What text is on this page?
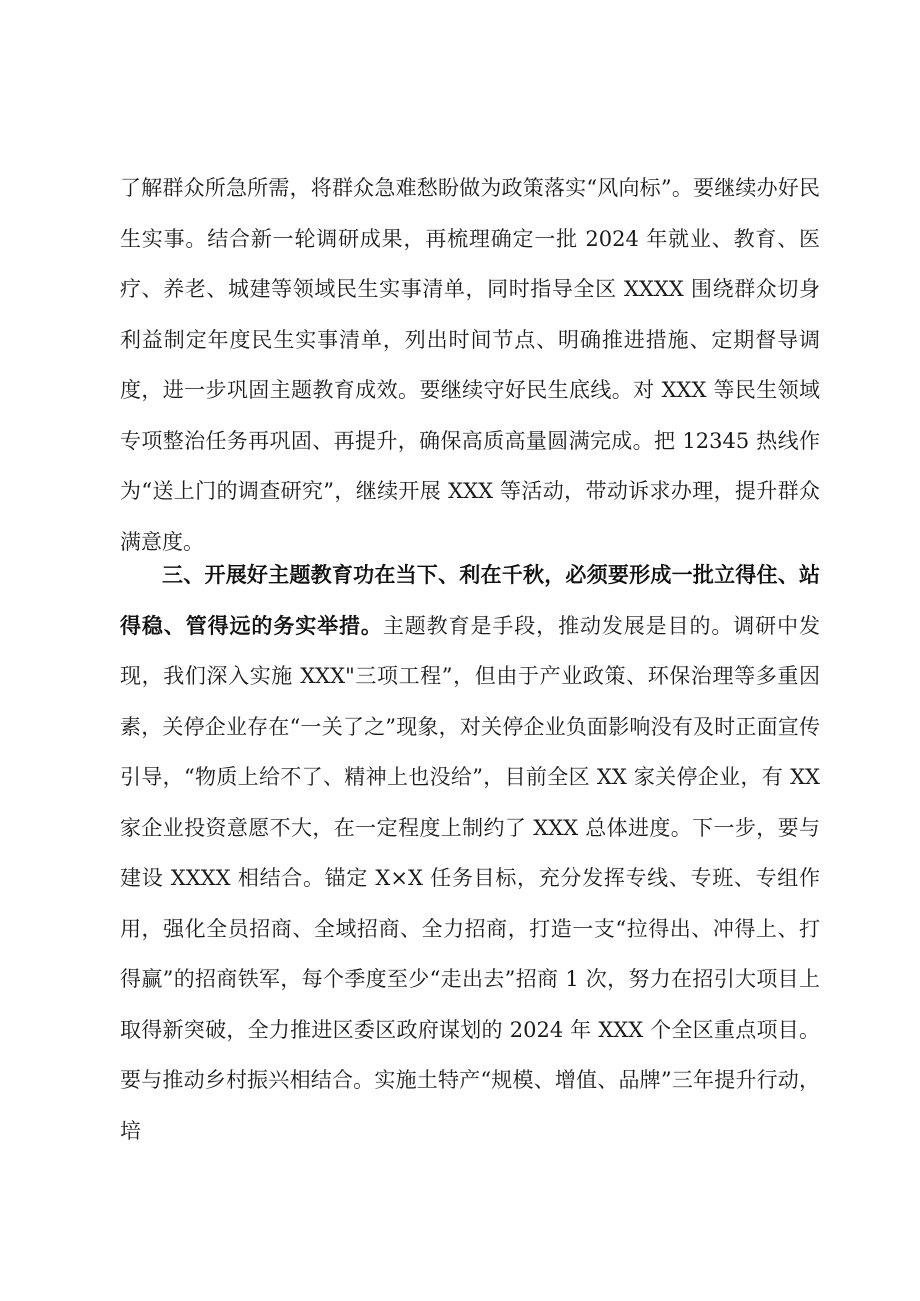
了解群众所急所需，将群众急难愁盼做为政策落实“风向标”。要继续办好民生实事。结合新一轮调研成果，再梳理确定一批 2024 年就业、教育、医疗、养老、城建等领域民生实事清单，同时指导全区 XXXX 围绕群众切身利益制定年度民生实事清单，列出时间节点、明确推进措施、定期督导调度，进一步巩固主题教育成效。要继续守好民生底线。对 XXX 等民生领域专项整治任务再巩固、再提升，确保高质高量圆满完成。把 12345 热线作为“送上门的调查研究”，继续开展 XXX 等活动，带动诉求办理，提升群众满意度。

三、开展好主题教育功在当下、利在千秋，必须要形成一批立得住、站得稳、管得远的务实举措。主题教育是手段，推动发展是目的。调研中发现，我们深入实施 XXX"三项工程”，但由于产业政策、环保治理等多重因素，关停企业存在“一关了之”现象，对关停企业负面影响没有及时正面宣传引导，“物质上给不了、精神上也没给”，目前全区 XX 家关停企业，有 XX 家企业投资意愿不大，在一定程度上制约了 XXX 总体进度。下一步，要与建设 XXXX 相结合。锚定 X×X 任务目标，充分发挥专线、专班、专组作用，强化全员招商、全域招商、全力招商，打造一支“拉得出、冲得上、打得赢”的招商铁军，每个季度至少“走出去”招商 1 次，努力在招引大项目上取得新突破，全力推进区委区政府谋划的 2024 年 XXX 个全区重点项目。要与推动乡村振兴相结合。实施土特产“规模、增值、品牌”三年提升行动，培
